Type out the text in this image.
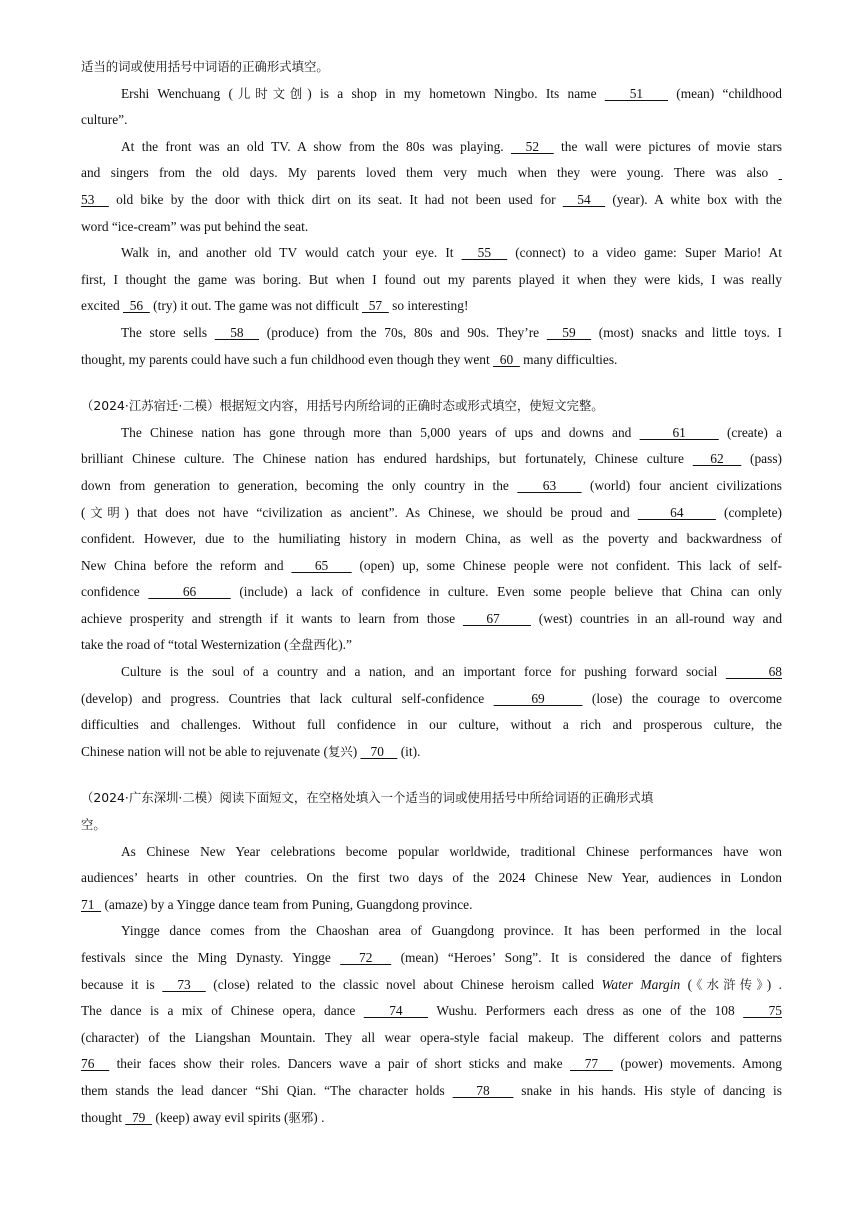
适当的词或使用括号中词语的正确形式填空。
Ershi Wenchuang (儿时文创) is a shop in my hometown Ningbo. Its name    51    (mean) “childhood
culture”.
At the front was an old TV. A show from the 80s was playing.   52   the wall were pictures of movie stars
and singers from the old days. My parents loved them very much when they were young. There was also
53   old bike by the door with thick dirt on its seat. It had not been used for   54   (year). A white box with the
word “ice-cream” was put behind the seat.
Walk in, and another old TV would catch your eye. It   55   (connect) to a video game: Super Mario! At
first, I thought the game was boring. But when I found out my parents played it when they were kids, I was really
excited   56   (try) it out. The game was not difficult   57   so interesting!
The store sells   58   (produce) from the 70s, 80s and 90s. They’re   59   (most) snacks and little toys. I
thought, my parents could have such a fun childhood even though they went   60   many difficulties.
（2024·江苏宿迁·二模）根据短文内容，用括号内所给词的正确时态或形式填空，使短文完整。
The Chinese nation has gone through more than 5,000 years of ups and downs and     61     (create) a
brilliant Chinese culture. The Chinese nation has endured hardships, but fortunately, Chinese culture   62   (pass)
down from generation to generation, becoming the only country in the    63    (world) four ancient civilizations
(文明) that does not have “civilization as ancient”. As Chinese, we should be proud and     64     (complete)
confident. However, due to the humiliating history in modern China, as well as the poverty and backwardness of
New China before the reform and    65    (open) up, some Chinese people were not confident. This lack of self-
confidence     66     (include) a lack of confidence in culture. Even some people believe that China can only
achieve prosperity and strength if it wants to learn from those    67     (west) countries in an all-round way and
take the road of “total Westernization (全盘西化).”
Culture is the soul of a country and a nation, and an important force for pushing forward social      68
(develop) and progress. Countries that lack cultural self-confidence     69     (lose) the courage to overcome
difficulties and challenges. Without full confidence in our culture, without a rich and prosperous culture, the
Chinese nation will not be able to rejuvenate (复兴)    70     (it).
（2024·广东深圳·二模）阅读下面短文，在空格处填入一个适当的词或使用括号中所给词语的正确形式填
空。
As Chinese New Year celebrations become popular worldwide, traditional Chinese performances have won
audiences’ hearts in other countries. On the first two days of the 2024 Chinese New Year, audiences in London
71   (amaze) by a Yingge dance team from Puning, Guangdong province.
Yingge dance comes from the Chaoshan area of Guangdong province. It has been performed in the local
festivals since the Ming Dynasty. Yingge   72   (mean) “Heroes’ Song”. It is considered the dance of fighters
because it is   73   (close) related to the classic novel about Chinese heroism called Water Margin (《水浒传》) .
The dance is a mix of Chinese opera, dance    74    Wushu. Performers each dress as one of the 108    75
(character) of the Liangshan Mountain. They all wear opera-style facial makeup. The different colors and patterns
76   their faces show their roles. Dancers wave a pair of short sticks and make   77   (power) movements. Among
them stands the lead dancer “Shi Qian. “The character holds    78    snake in his hands. His style of dancing is
thought   79   (keep) away evil spirits (驱邪) .
